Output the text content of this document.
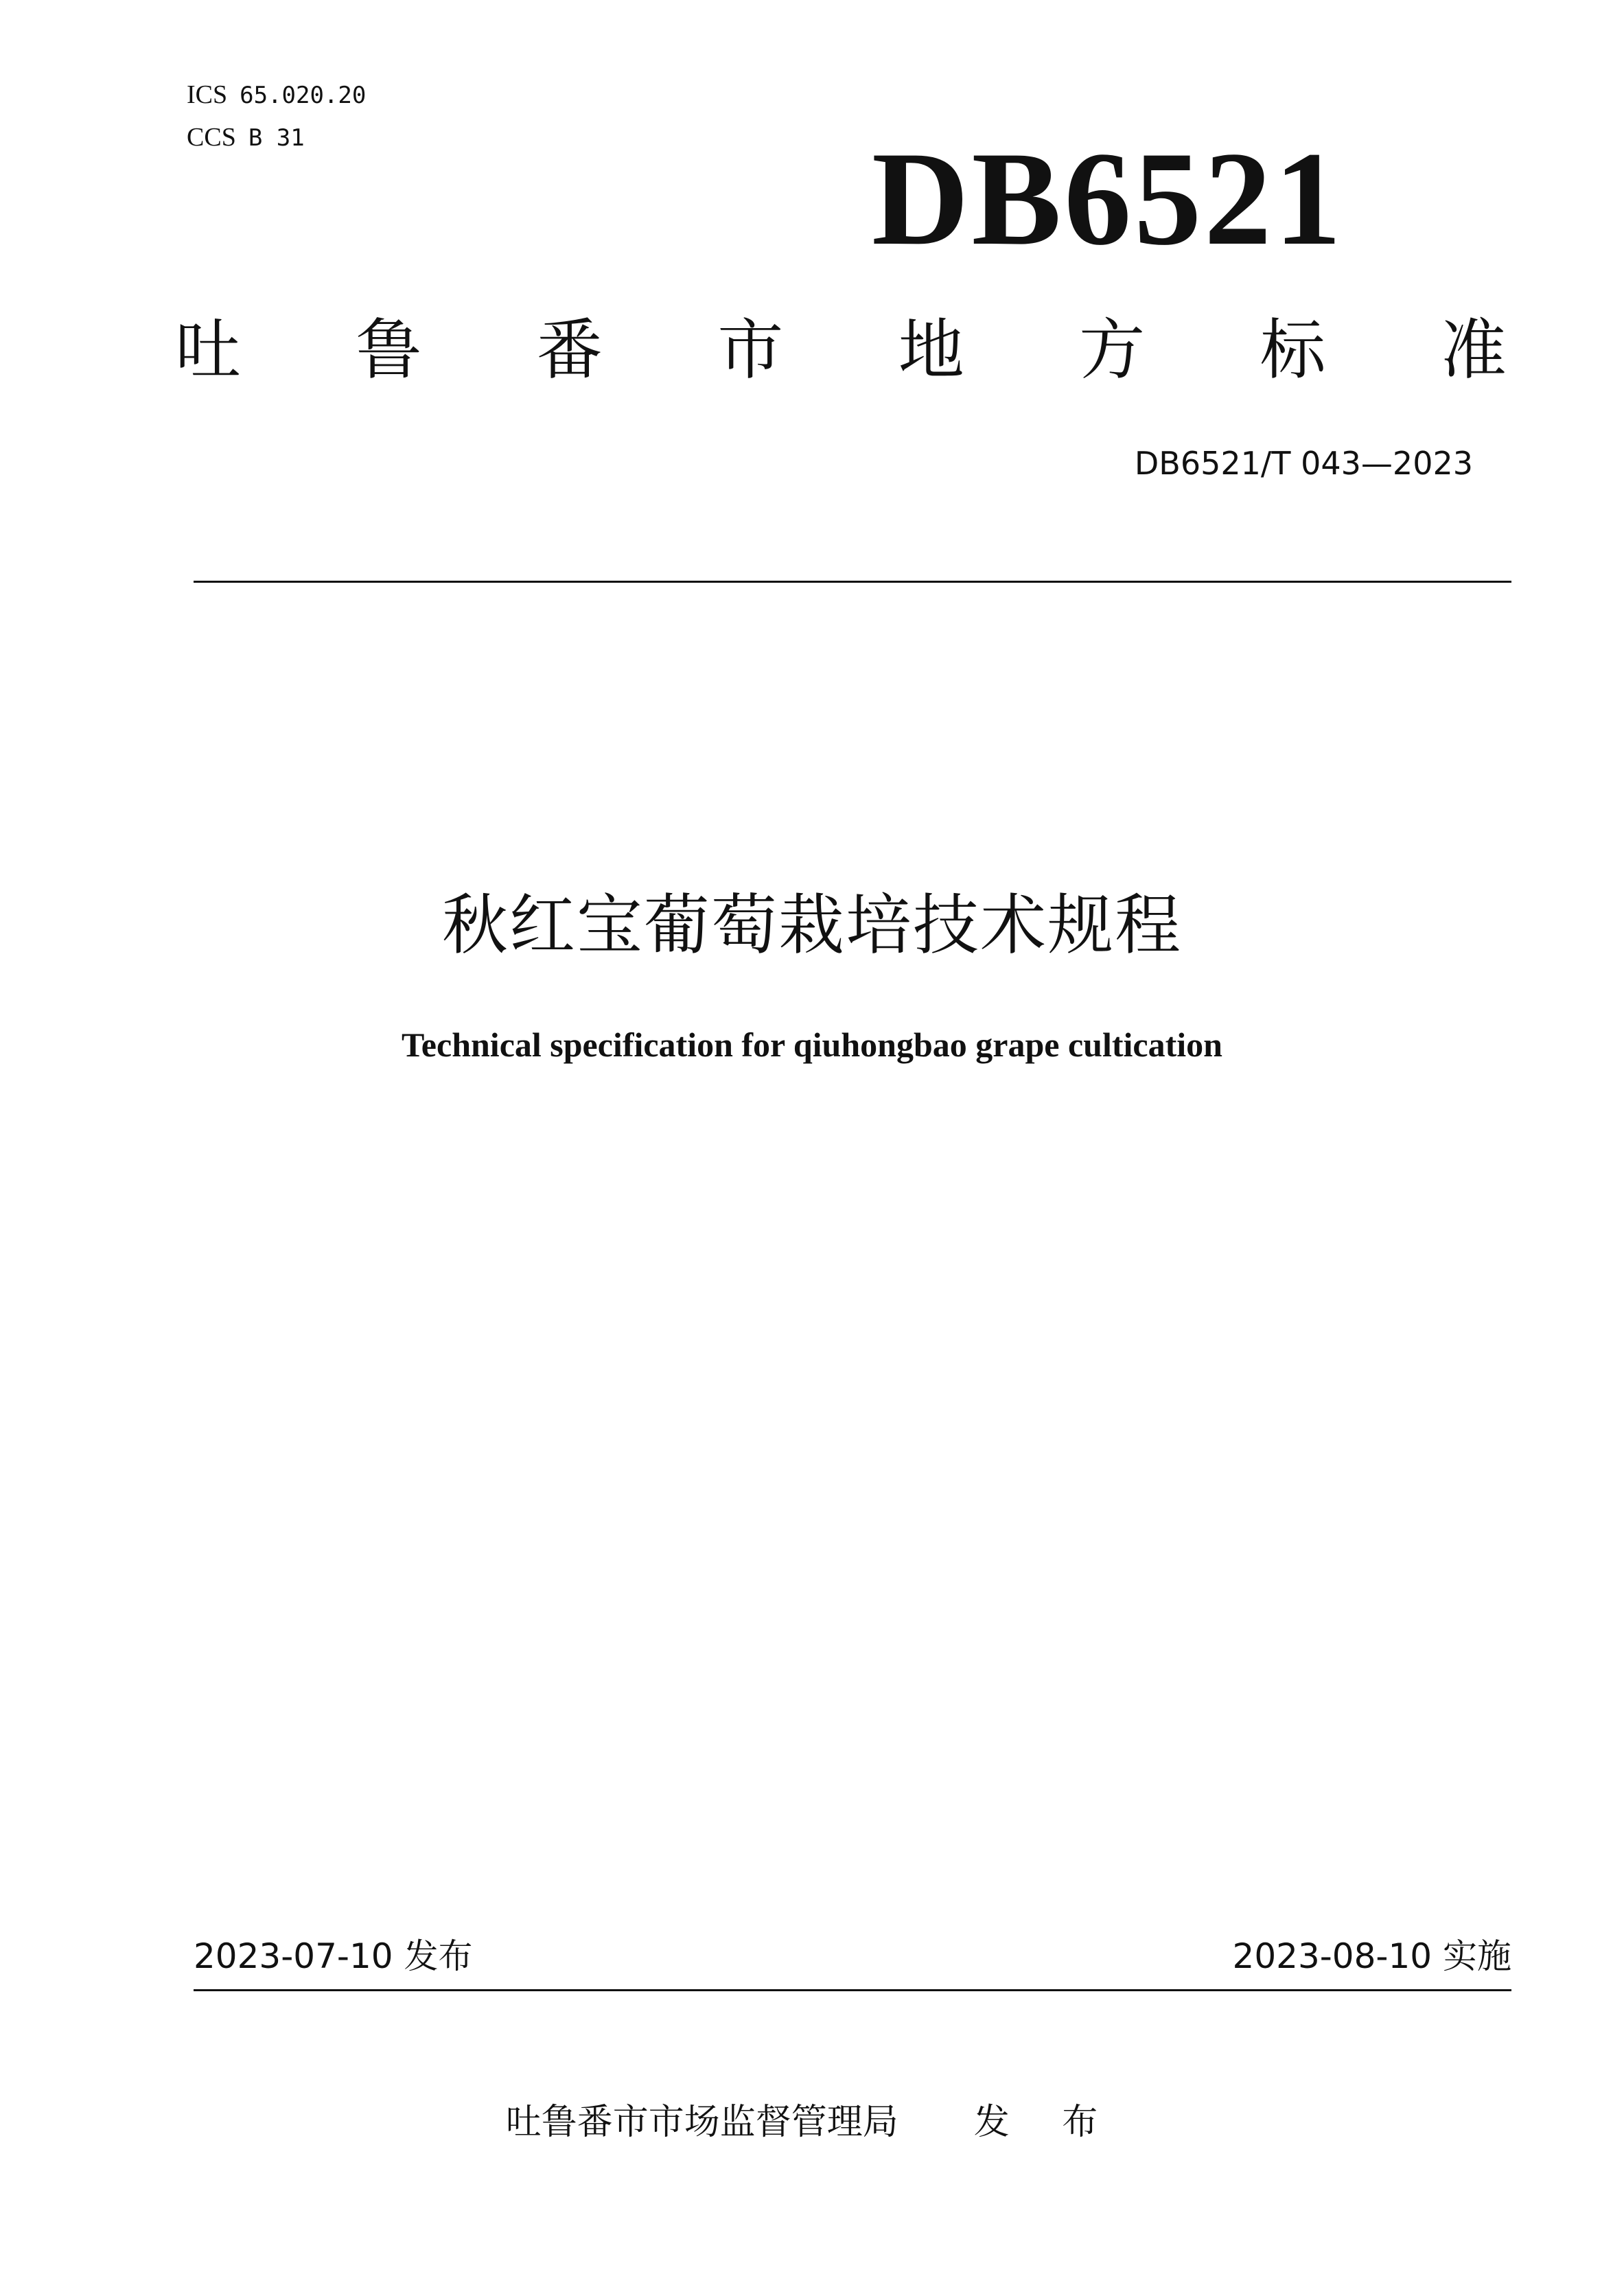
ICS 65.020.20
CCS B 31	DB6521
吐 鲁 番 市 地 方 标 准
DB6521/T 043—2023
秋红宝葡萄栽培技术规程
Technical specification for qiuhongbao grape cultication
2023-07-10 发布	2023-08-10 实施
吐鲁番市市场监督管理局 发 布
